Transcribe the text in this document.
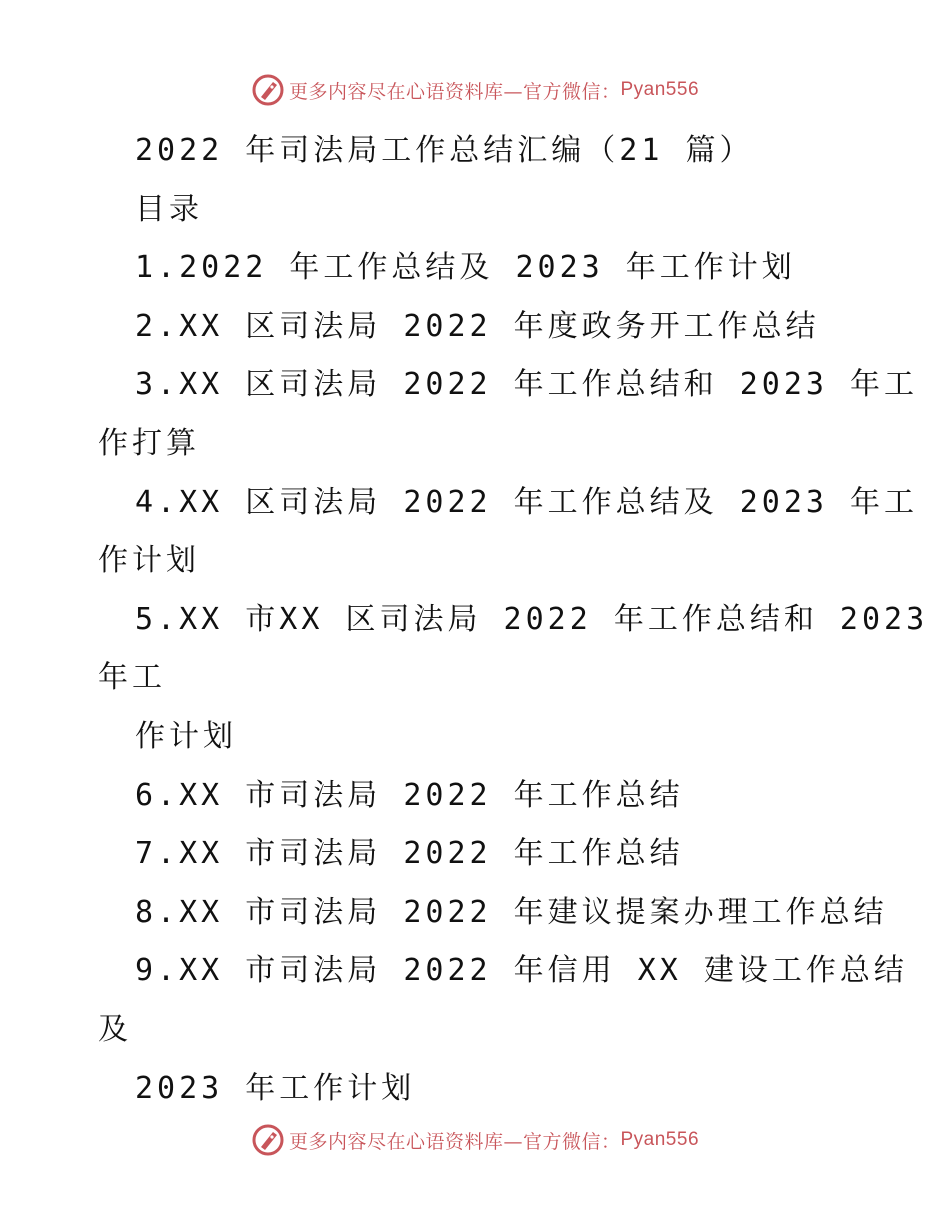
更多内容尽在心语资料库—官方微信： Pyan556
2022 年司法局工作总结汇编（21 篇）
目录
1.2022 年工作总结及 2023 年工作计划
2.XX 区司法局 2022 年度政务开工作总结
3.XX 区司法局 2022 年工作总结和 2023 年工
作打算
4.XX 区司法局 2022 年工作总结及 2023 年工
作计划
5.XX 市XX 区司法局 2022 年工作总结和 2023
年工
作计划
6.XX 市司法局 2022 年工作总结
7.XX 市司法局 2022 年工作总结
8.XX 市司法局 2022 年建议提案办理工作总结
9.XX 市司法局 2022 年信用 XX 建设工作总结
及
2023 年工作计划
更多内容尽在心语资料库—官方微信： Pyan556
